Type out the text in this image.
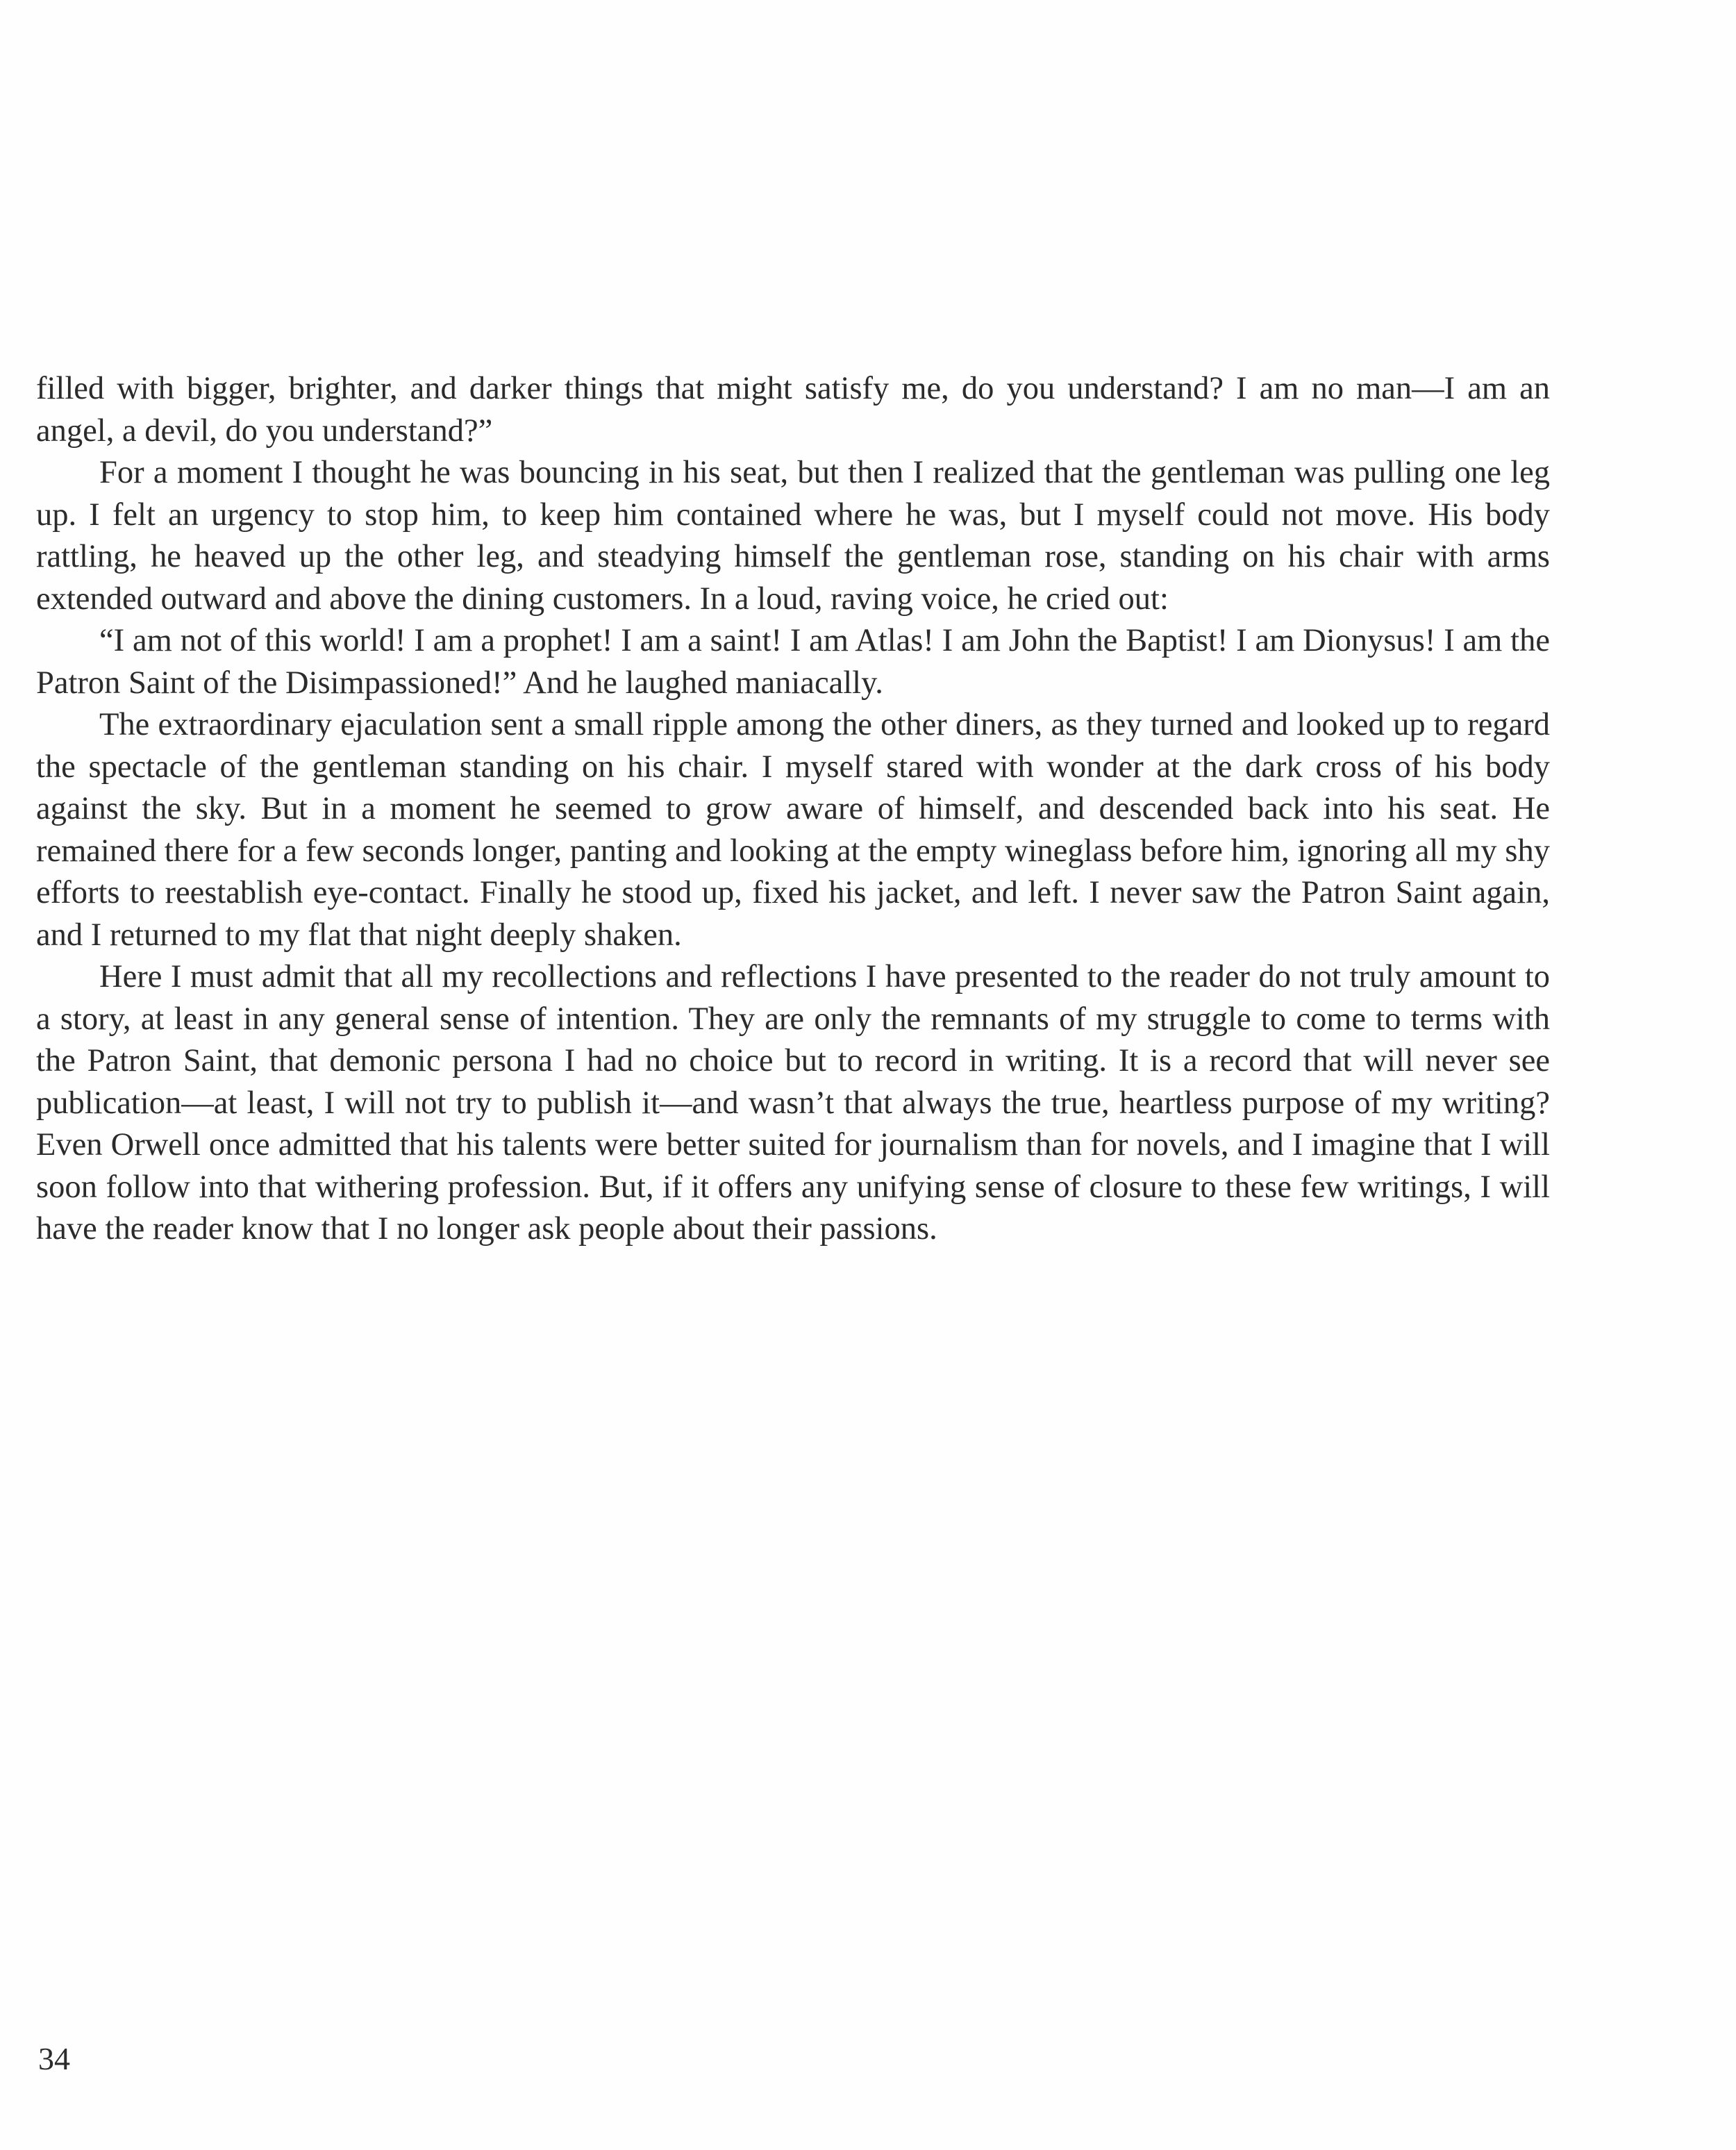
filled with bigger, brighter, and darker things that might satisfy me, do you understand? I am no man—I am an angel, a devil, do you understand?”

For a moment I thought he was bouncing in his seat, but then I realized that the gentleman was pulling one leg up. I felt an urgency to stop him, to keep him contained where he was, but I myself could not move. His body rattling, he heaved up the other leg, and steadying himself the gentleman rose, standing on his chair with arms extended outward and above the dining customers. In a loud, raving voice, he cried out:

“I am not of this world! I am a prophet! I am a saint! I am Atlas! I am John the Baptist! I am Dionysus! I am the Patron Saint of the Disimpassioned!” And he laughed maniacally.

The extraordinary ejaculation sent a small ripple among the other diners, as they turned and looked up to regard the spectacle of the gentleman standing on his chair. I myself stared with wonder at the dark cross of his body against the sky. But in a moment he seemed to grow aware of himself, and descended back into his seat. He remained there for a few seconds longer, panting and looking at the empty wineglass before him, ignoring all my shy efforts to reestablish eye-contact. Finally he stood up, fixed his jacket, and left. I never saw the Patron Saint again, and I returned to my flat that night deeply shaken.

Here I must admit that all my recollections and reflections I have presented to the reader do not truly amount to a story, at least in any general sense of intention. They are only the remnants of my struggle to come to terms with the Patron Saint, that demonic persona I had no choice but to record in writing. It is a record that will never see publication—at least, I will not try to publish it—and wasn’t that always the true, heartless purpose of my writing? Even Orwell once admitted that his talents were better suited for journalism than for novels, and I imagine that I will soon follow into that withering profession. But, if it offers any unifying sense of closure to these few writings, I will have the reader know that I no longer ask people about their passions.

34
